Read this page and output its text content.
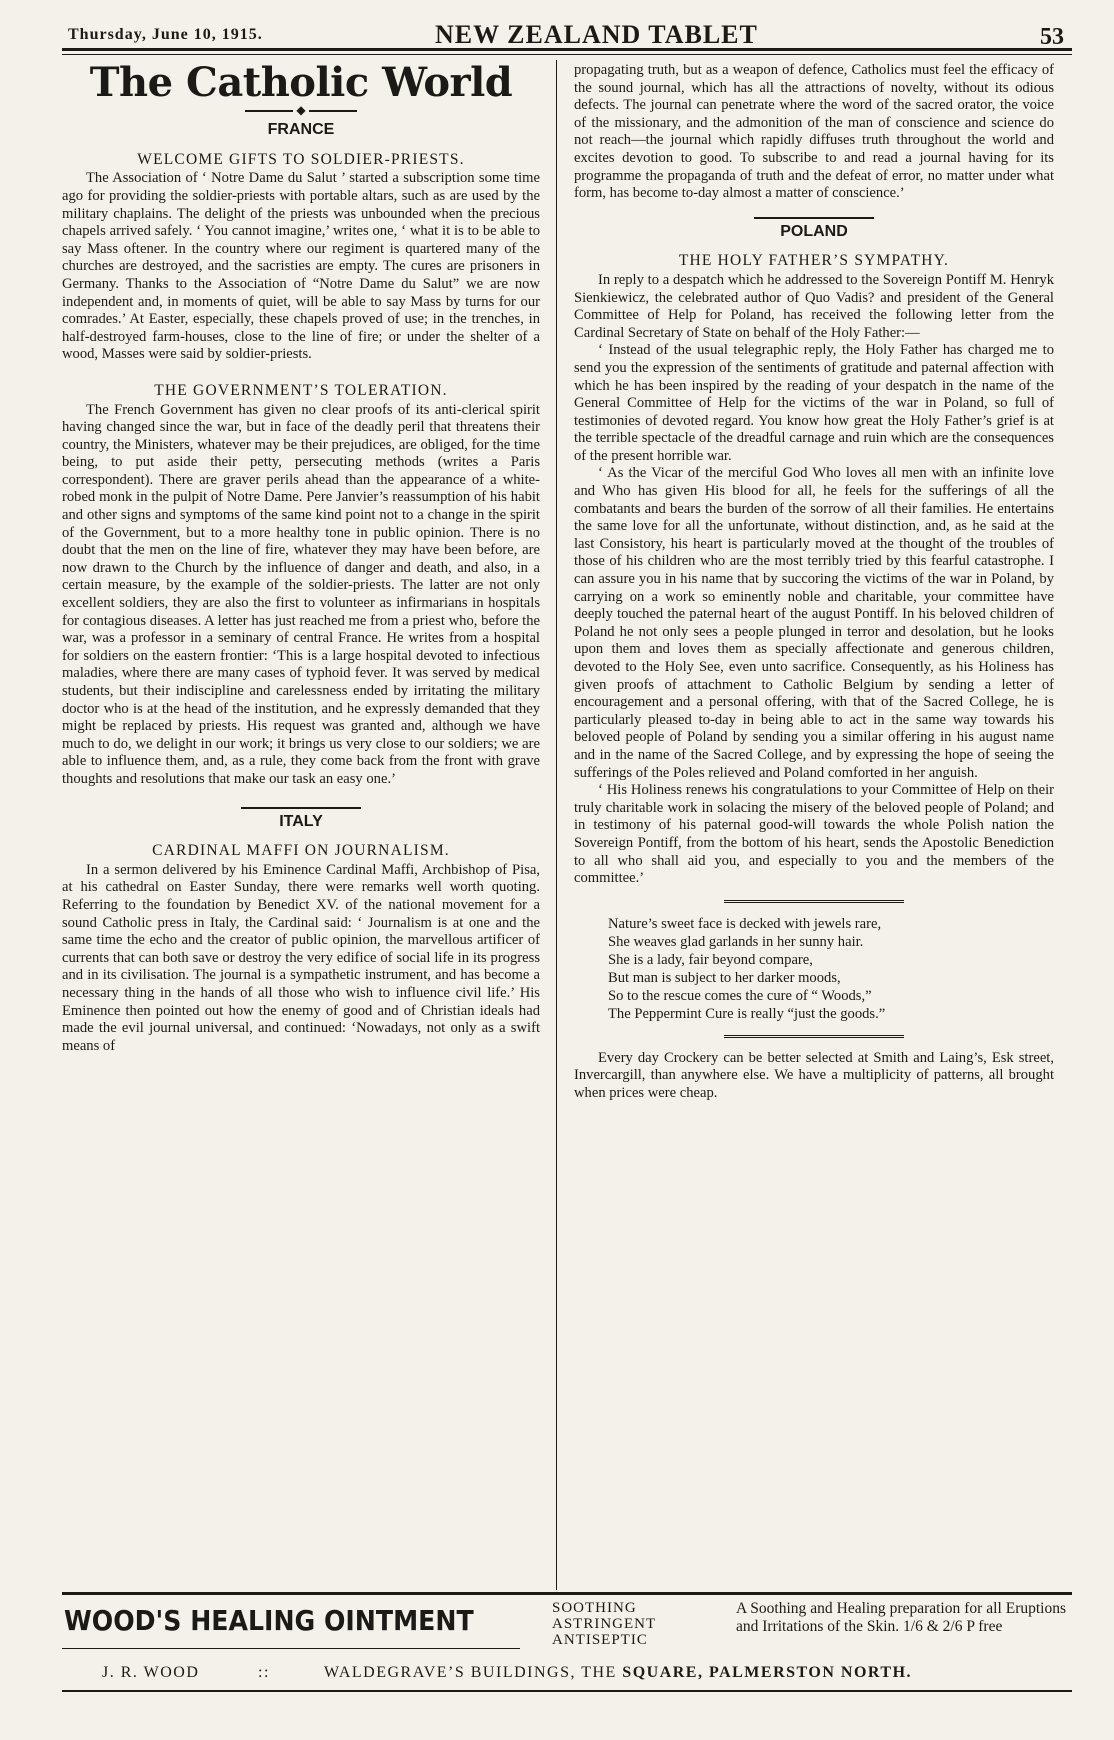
Thursday, June 10, 1915.	NEW ZEALAND TABLET	53
The Catholic World
◆
FRANCE
WELCOME GIFTS TO SOLDIER-PRIESTS.

The Association of ‘ Notre Dame du Salut ’ started a subscription some time ago for providing the soldier-priests with portable altars, such as are used by the military chaplains. The delight of the priests was unbounded when the precious chapels arrived safely. ‘ You cannot imagine,’ writes one, ‘ what it is to be able to say Mass oftener. In the country where our regiment is quartered many of the churches are destroyed, and the sacristies are empty. The cures are prisoners in Germany. Thanks to the Association of “Notre Dame du Salut” we are now independent and, in moments of quiet, will be able to say Mass by turns for our comrades.’ At Easter, especially, these chapels proved of use; in the trenches, in half-destroyed farm-houses, close to the line of fire; or under the shelter of a wood, Masses were said by soldier-priests.

THE GOVERNMENT’S TOLERATION.

The French Government has given no clear proofs of its anti-clerical spirit having changed since the war, but in face of the deadly peril that threatens their country, the Ministers, whatever may be their prejudices, are obliged, for the time being, to put aside their petty, persecuting methods (writes a Paris correspondent). There are graver perils ahead than the appearance of a white-robed monk in the pulpit of Notre Dame. Pere Janvier’s reassumption of his habit and other signs and symptoms of the same kind point not to a change in the spirit of the Government, but to a more healthy tone in public opinion. There is no doubt that the men on the line of fire, whatever they may have been before, are now drawn to the Church by the influence of danger and death, and also, in a certain measure, by the example of the soldier-priests. The latter are not only excellent soldiers, they are also the first to volunteer as infirmarians in hospitals for contagious diseases. A letter has just reached me from a priest who, before the war, was a professor in a seminary of central France. He writes from a hospital for soldiers on the eastern frontier: ‘This is a large hospital devoted to infectious maladies, where there are many cases of typhoid fever. It was served by medical students, but their indiscipline and carelessness ended by irritating the military doctor who is at the head of the institution, and he expressly demanded that they might be replaced by priests. His request was granted and, although we have much to do, we delight in our work; it brings us very close to our soldiers; we are able to influence them, and, as a rule, they come back from the front with grave thoughts and resolutions that make our task an easy one.’

ITALY
CARDINAL MAFFI ON JOURNALISM.

In a sermon delivered by his Eminence Cardinal Maffi, Archbishop of Pisa, at his cathedral on Easter Sunday, there were remarks well worth quoting. Referring to the foundation by Benedict XV. of the national movement for a sound Catholic press in Italy, the Cardinal said: ‘ Journalism is at one and the same time the echo and the creator of public opinion, the marvellous artificer of currents that can both save or destroy the very edifice of social life in its progress and in its civilisation. The journal is a sympathetic instrument, and has become a necessary thing in the hands of all those who wish to influence civil life.’ His Eminence then pointed out how the enemy of good and of Christian ideals had made the evil journal universal, and continued: ‘Nowadays, not only as a swift means of

propagating truth, but as a weapon of defence, Catholics must feel the efficacy of the sound journal, which has all the attractions of novelty, without its odious defects. The journal can penetrate where the word of the sacred orator, the voice of the missionary, and the admonition of the man of conscience and science do not reach—the journal which rapidly diffuses truth throughout the world and excites devotion to good. To subscribe to and read a journal having for its programme the propaganda of truth and the defeat of error, no matter under what form, has become to-day almost a matter of conscience.’

POLAND
THE HOLY FATHER’S SYMPATHY.

In reply to a despatch which he addressed to the Sovereign Pontiff M. Henryk Sienkiewicz, the celebrated author of Quo Vadis? and president of the General Committee of Help for Poland, has received the following letter from the Cardinal Secretary of State on behalf of the Holy Father:—

‘ Instead of the usual telegraphic reply, the Holy Father has charged me to send you the expression of the sentiments of gratitude and paternal affection with which he has been inspired by the reading of your despatch in the name of the General Committee of Help for the victims of the war in Poland, so full of testimonies of devoted regard. You know how great the Holy Father’s grief is at the terrible spectacle of the dreadful carnage and ruin which are the consequences of the present horrible war.

‘ As the Vicar of the merciful God Who loves all men with an infinite love and Who has given His blood for all, he feels for the sufferings of all the combatants and bears the burden of the sorrow of all their families. He entertains the same love for all the unfortunate, without distinction, and, as he said at the last Consistory, his heart is particularly moved at the thought of the troubles of those of his children who are the most terribly tried by this fearful catastrophe. I can assure you in his name that by succoring the victims of the war in Poland, by carrying on a work so eminently noble and charitable, your committee have deeply touched the paternal heart of the august Pontiff. In his beloved children of Poland he not only sees a people plunged in terror and desolation, but he looks upon them and loves them as specially affectionate and generous children, devoted to the Holy See, even unto sacrifice. Consequently, as his Holiness has given proofs of attachment to Catholic Belgium by sending a letter of encouragement and a personal offering, with that of the Sacred College, he is particularly pleased to-day in being able to act in the same way towards his beloved people of Poland by sending you a similar offering in his august name and in the name of the Sacred College, and by expressing the hope of seeing the sufferings of the Poles relieved and Poland comforted in her anguish.

‘ His Holiness renews his congratulations to your Committee of Help on their truly charitable work in solacing the misery of the beloved people of Poland; and in testimony of his paternal good-will towards the whole Polish nation the Sovereign Pontiff, from the bottom of his heart, sends the Apostolic Benediction to all who shall aid you, and especially to you and the members of the committee.’

Nature’s sweet face is decked with jewels rare,
She weaves glad garlands in her sunny hair.
She is a lady, fair beyond compare,
But man is subject to her darker moods,
So to the rescue comes the cure of “ Woods,”
The Peppermint Cure is really “just the goods.”

Every day Crockery can be better selected at Smith and Laing’s, Esk street, Invercargill, than anywhere else. We have a multiplicity of patterns, all brought when prices were cheap.

WOOD'S HEALING OINTMENT	SOOTHING
ASTRINGENT
ANTISEPTIC
A Soothing and Healing preparation for all Eruptions and Irritations of the Skin. 1/6 & 2/6 P free
J. R. WOOD	::	WALDEGRAVE’S BUILDINGS, THE SQUARE, PALMERSTON NORTH.
